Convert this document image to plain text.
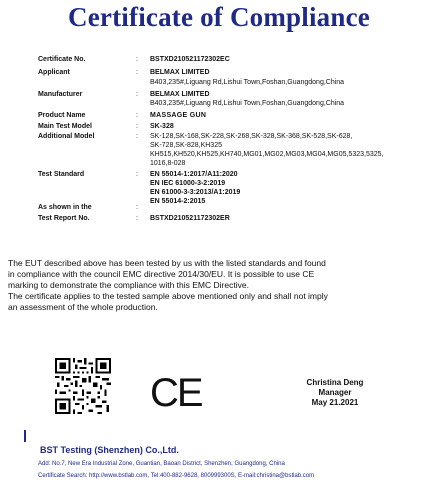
Certificate of Compliance
Certificate No.	: BSTXD210521172302EC
Applicant	: BELMAX LIMITED
B403,235#,Liguang Rd,Lishui Town,Foshan,Guangdong,China
Manufacturer	: BELMAX LIMITED
B403,235#,Liguang Rd,Lishui Town,Foshan,Guangdong,China
Product Name	: MASSAGE GUN
Main Test Model	: SK-328
Additional Model	: SK-128,SK-168,SK-228,SK-268,SK-328,SK-368,SK-528,SK-628,
SK-728,SK-828,KH325
KH515,KH520,KH525,KH740,MG01,MG02,MG03,MG04,MG05,5323,5325,
1016,8-028
Test Standard	: EN 55014-1:2017/A11:2020
EN IEC 61000-3-2:2019
EN 61000-3-3:2013/A1:2019
EN 55014-2:2015
As shown in the	:
Test Report No.	: BSTXD210521172302ER

The EUT described above has been tested by us with the listed standards and found

in compliance with the council EMC directive 2014/30/EU. It is possible to use CE

marking to demonstrate the compliance with this EMC Directive.

The certificate applies to the tested sample above mentioned only and shall not imply

an assessment of the whole production.

CE	Christina Deng
Manager
May 21.2021
BST Testing (Shenzhen) Co.,Ltd.
Add: No.7, New Era Industrial Zone, Guantian, Baoan District, Shenzhen, Guangdong, China
Certificate Search: http://www.bstlab.com, Tel:400-882-9628, 800999300S, E-mail:christina@bstlab.com
